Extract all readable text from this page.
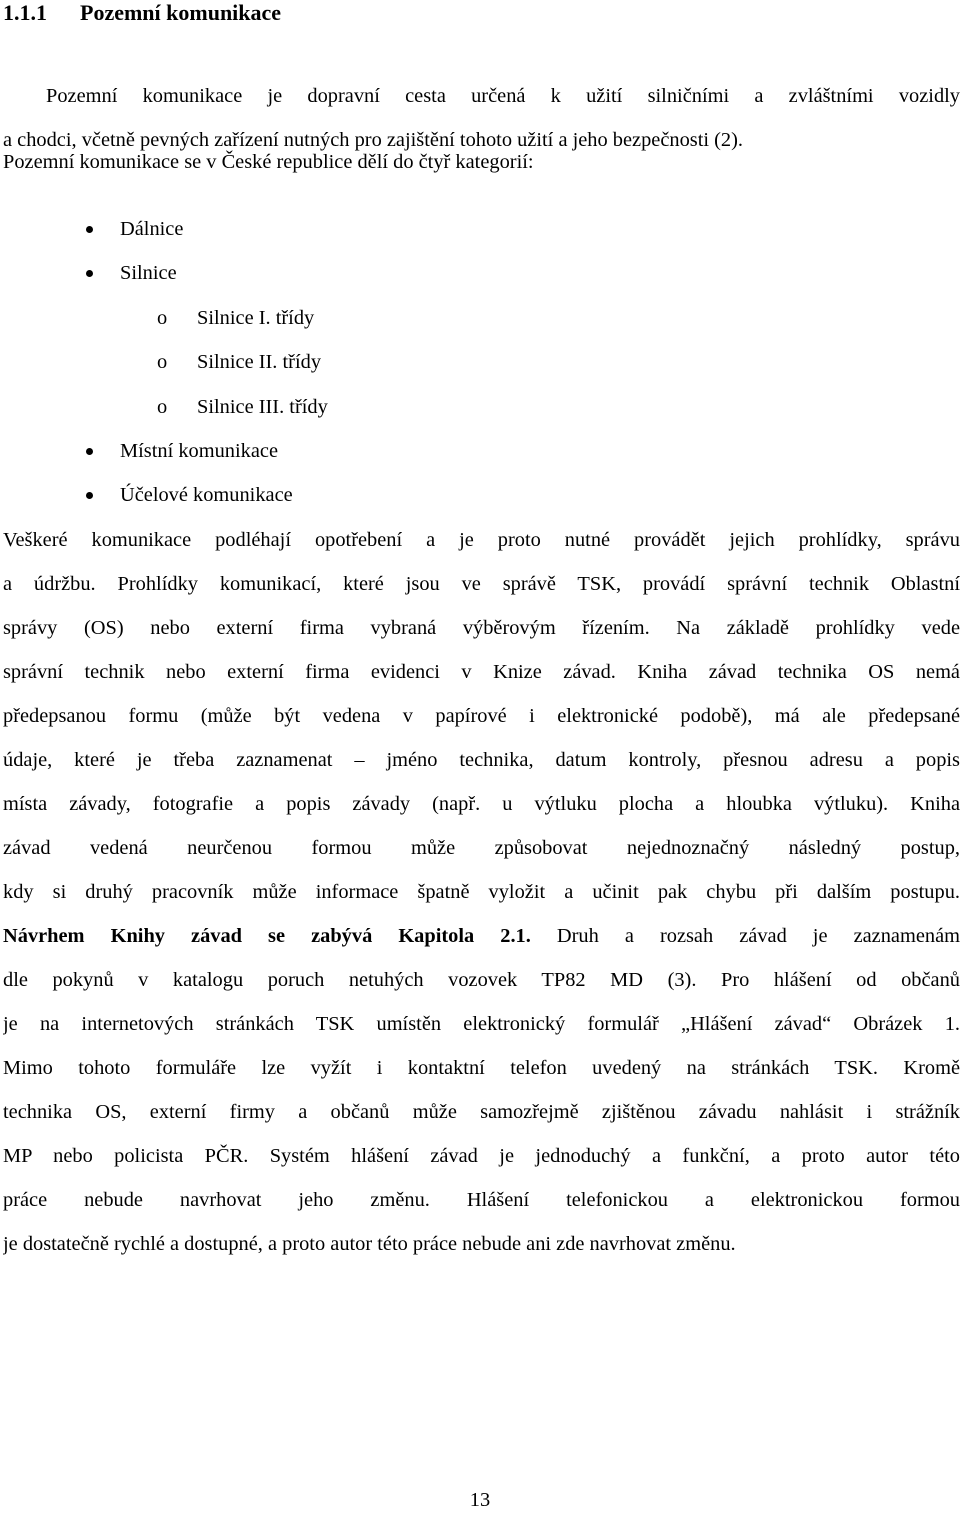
1.1.1 Pozemní komunikace
Pozemní komunikace je dopravní cesta určená k užití silničními a zvláštními vozidly
a chodci, včetně pevných zařízení nutných pro zajištění tohoto užití a jeho bezpečnosti (2).
Pozemní komunikace se v České republice dělí do čtyř kategorií:
Dálnice
Silnice
o Silnice I. třídy
o Silnice II. třídy
o Silnice III. třídy
Místní komunikace
Účelové komunikace
Veškeré komunikace podléhají opotřebení a je proto nutné provádět jejich prohlídky, správu
a údržbu. Prohlídky komunikací, které jsou ve správě TSK, provádí správní technik Oblastní
správy (OS) nebo externí firma vybraná výběrovým řízením. Na základě prohlídky vede
správní technik nebo externí firma evidenci v Knize závad. Kniha závad technika OS nemá
předepsanou formu (může být vedena v papírové i elektronické podobě), má ale předepsané
údaje, které je třeba zaznamenat – jméno technika, datum kontroly, přesnou adresu a popis
místa závady, fotografie a popis závady (např. u výtluku plocha a hloubka výtluku). Kniha
závad vedená neurčenou formou může způsobovat nejednoznačný následný postup,
kdy si druhý pracovník může informace špatně vyložit a učinit pak chybu při dalším postupu.
Návrhem Knihy závad se zabývá Kapitola 2.1. Druh a rozsah závad je zaznamenám
dle pokynů v katalogu poruch netuhých vozovek TP82 MD (3). Pro hlášení od občanů
je na internetových stránkách TSK umístěn elektronický formulář „Hlášení závad“ Obrázek 1.
Mimo tohoto formuláře lze vyžít i kontaktní telefon uvedený na stránkách TSK. Kromě
technika OS, externí firmy a občanů může samozřejmě zjištěnou závadu nahlásit i strážník
MP nebo policista PČR. Systém hlášení závad je jednoduchý a funkční, a proto autor této
práce nebude navrhovat jeho změnu. Hlášení telefonickou a elektronickou formou
je dostatečně rychlé a dostupné, a proto autor této práce nebude ani zde navrhovat změnu.
13
